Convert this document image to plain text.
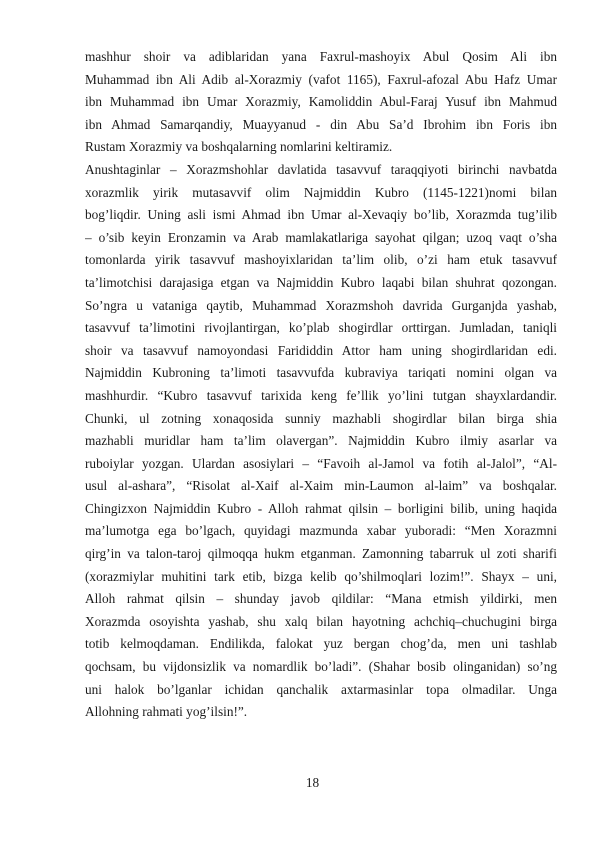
mashhur shoir va adiblaridan yana Faxrul-mashoyix Abul Qosim Ali ibn
Muhammad ibn Ali Adib al-Xorazmiy (vafot 1165), Faxrul-afozal Abu Hafz Umar
ibn Muhammad ibn Umar Xorazmiy, Kamoliddin Abul-Faraj Yusuf ibn Mahmud
ibn Ahmad Samarqandiy, Muayyanud - din Abu Sa’d Ibrohim ibn Foris ibn
Rustam Xorazmiy va boshqalarning nomlarini keltiramiz.
Anushtaginlar – Xorazmshohlar davlatida tasavvuf taraqqiyoti birinchi navbatda
xorazmlik yirik mutasavvif olim Najmiddin Kubro (1145-1221)nomi bilan
bog’liqdir. Uning asli ismi Ahmad ibn Umar al-Xevaqiy bo’lib, Xorazmda tug’ilib
– o’sib keyin Eronzamin va Arab mamlakatlariga sayohat qilgan; uzoq vaqt o’sha
tomonlarda yirik tasavvuf mashoyixlaridan ta’lim olib, o’zi ham etuk tasavvuf
ta’limotchisi darajasiga etgan va Najmiddin Kubro laqabi bilan shuhrat qozongan.
So’ngra u vataniga qaytib, Muhammad Xorazmshoh davrida Gurganjda yashab,
tasavvuf ta’limotini rivojlantirgan, ko’plab shogirdlar orttirgan. Jumladan, taniqli
shoir va tasavvuf namoyondasi Farididdin Attor ham uning shogirdlaridan edi.
Najmiddin Kubroning ta’limoti tasavvufda kubraviya tariqati nomini olgan va
mashhurdir. “Kubro tasavvuf tarixida keng fe’llik yo’lini tutgan shayxlardandir.
Chunki, ul zotning xonaqosida sunniy mazhabli shogirdlar bilan birga shia
mazhabli muridlar ham ta’lim olavergan”. Najmiddin Kubro ilmiy asarlar va
ruboiylar yozgan. Ulardan asosiylari – “Favoih al-Jamol va fotih al-Jalol”, “Al-
usul al-ashara”, “Risolat al-Xaif al-Xaim min-Laumon al-laim” va boshqalar.
Chingizxon Najmiddin Kubro - Alloh rahmat qilsin – borligini bilib, uning haqida
ma’lumotga ega bo’lgach, quyidagi mazmunda xabar yuboradi: “Men Xorazmni
qirg’in va talon-taroj qilmoqqa hukm etganman. Zamonning tabarruk ul zoti sharifi
(xorazmiylar muhitini tark etib, bizga kelib qo’shilmoqlari lozim!”. Shayx – uni,
Alloh rahmat qilsin – shunday javob qildilar: “Mana etmish yildirki, men
Xorazmda osoyishta yashab, shu xalq bilan hayotning achchiq–chuchugini birga
totib kelmoqdaman. Endilikda, falokat yuz bergan chog’da, men uni tashlab
qochsam, bu vijdonsizlik va nomardlik bo’ladi”. (Shahar bosib olinganidan) so’ng
uni halok bo’lganlar ichidan qanchalik axtarmasinlar topa olmadilar. Unga
Allohning rahmati yog’ilsin!”.
18
